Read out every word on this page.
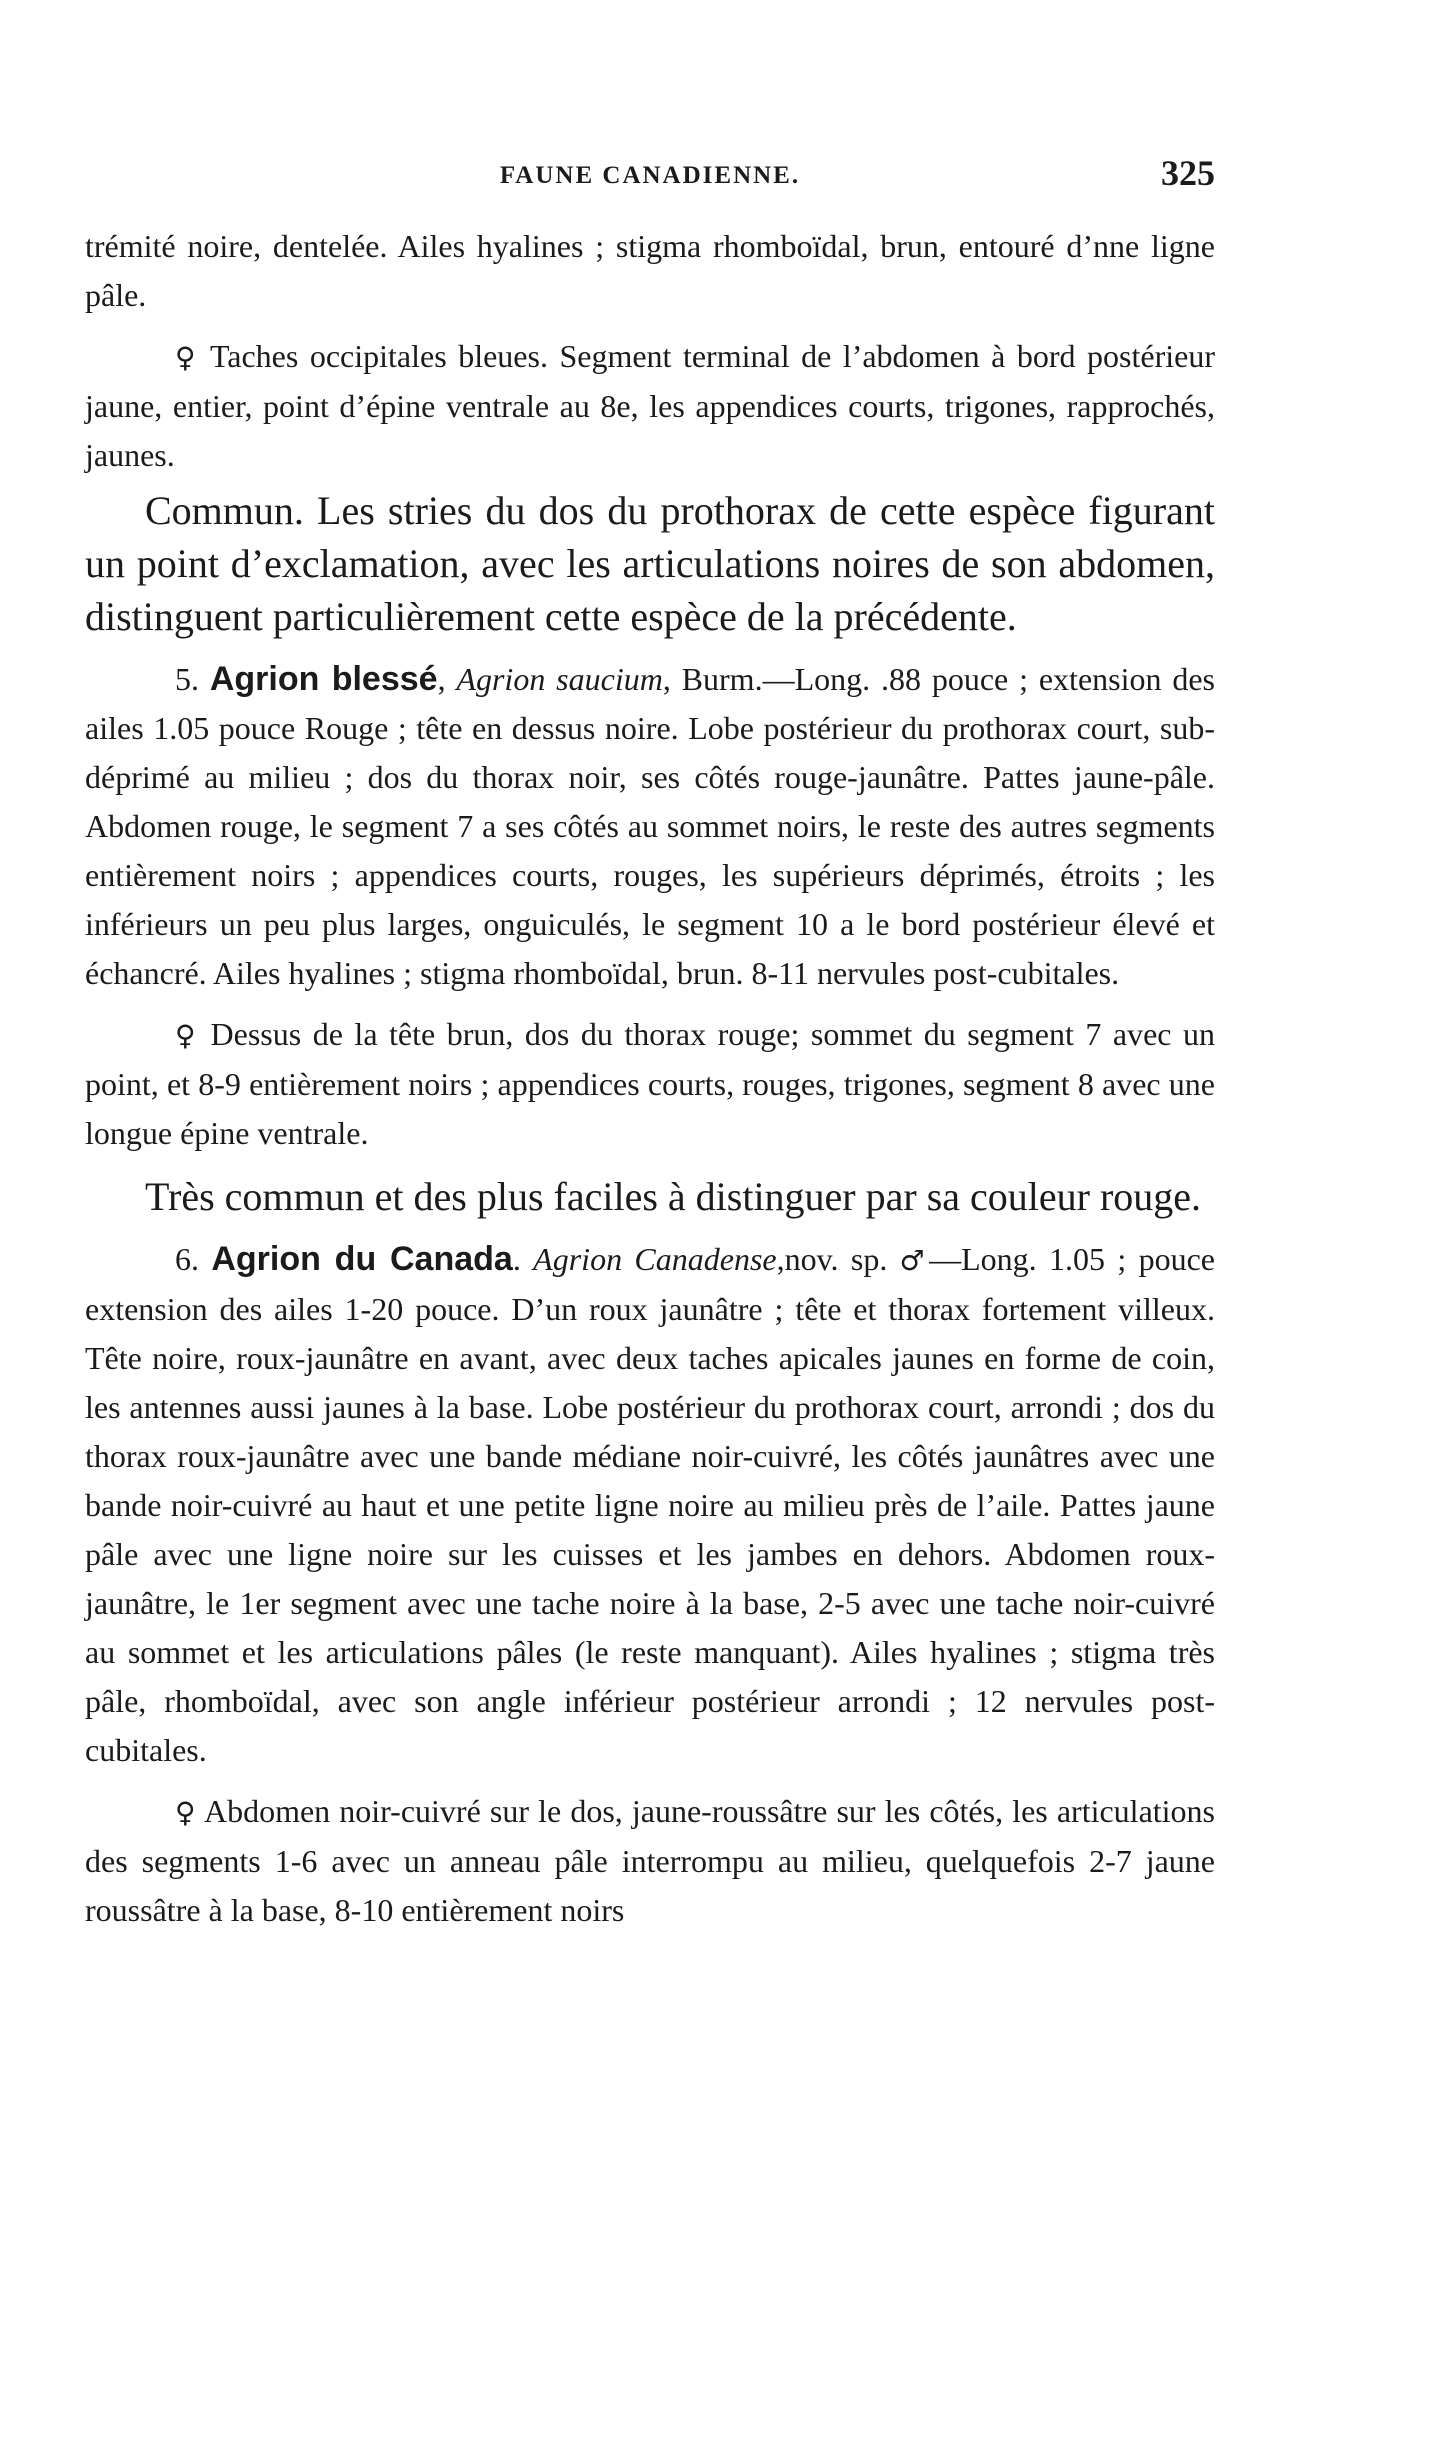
FAUNE CANADIENNE.	325

trémité noire, dentelée. Ailes hyalines ; stigma rhomboïdal, brun, entouré d’nne ligne pâle.

♀ Taches occipitales bleues. Segment terminal de l’abdomen à bord postérieur jaune, entier, point d’épine ventrale au 8e, les appendices courts, trigones, rapprochés, jaunes.

Commun. Les stries du dos du prothorax de cette espèce figurant un point d’exclamation, avec les articulations noires de son abdomen, distinguent particulièrement cette espèce de la précédente.

5. Agrion blessé, Agrion saucium, Burm.—Long. .88 pouce ; extension des ailes 1.05 pouce Rouge ; tête en dessus noire. Lobe postérieur du prothorax court, sub-déprimé au milieu ; dos du thorax noir, ses côtés rouge-jaunâtre. Pattes jaune-pâle. Abdomen rouge, le segment 7 a ses côtés au sommet noirs, le reste des autres segments entièrement noirs ; appendices courts, rouges, les supérieurs déprimés, étroits ; les inférieurs un peu plus larges, onguiculés, le segment 10 a le bord postérieur élevé et échancré. Ailes hyalines ; stigma rhomboïdal, brun. 8-11 nervules post-cubitales.

♀ Dessus de la tête brun, dos du thorax rouge; sommet du segment 7 avec un point, et 8-9 entièrement noirs ; appendices courts, rouges, trigones, segment 8 avec une longue épine ventrale.

Très commun et des plus faciles à distinguer par sa couleur rouge.

6. Agrion du Canada. Agrion Canadense,nov. sp. ♂—Long. 1.05 ; pouce extension des ailes 1-20 pouce. D’un roux jaunâtre ; tête et thorax fortement villeux. Tête noire, roux-jaunâtre en avant, avec deux taches apicales jaunes en forme de coin, les antennes aussi jaunes à la base. Lobe postérieur du prothorax court, arrondi ; dos du thorax roux-jaunâtre avec une bande médiane noir-cuivré, les côtés jaunâtres avec une bande noir-cuivré au haut et une petite ligne noire au milieu près de l’aile. Pattes jaune pâle avec une ligne noire sur les cuisses et les jambes en dehors. Abdomen roux-jaunâtre, le 1er segment avec une tache noire à la base, 2-5 avec une tache noir-cuivré au sommet et les articulations pâles (le reste manquant). Ailes hyalines ; stigma très pâle, rhomboïdal, avec son angle inférieur postérieur arrondi ; 12 nervules post-cubitales.

♀ Abdomen noir-cuivré sur le dos, jaune-roussâtre sur les côtés, les articulations des segments 1-6 avec un anneau pâle interrompu au milieu, quelquefois 2-7 jaune roussâtre à la base, 8-10 entièrement noirs
